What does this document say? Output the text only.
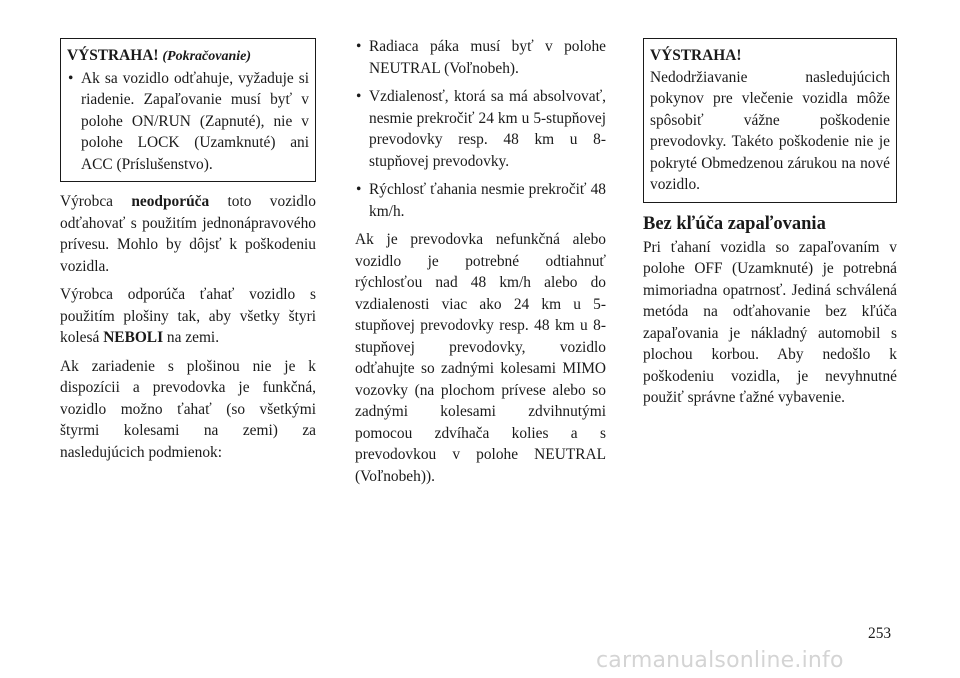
VÝSTRAHA! (Pokračovanie)
• Ak sa vozidlo odťahuje, vyžaduje si riadenie. Zapaľovanie musí byť v polohe ON/RUN (Zapnuté), nie v polohe LOCK (Uzamknuté) ani ACC (Príslušenstvo).

Výrobca neodporúča toto vozidlo odťahovať s použitím jednonápravového prívesu. Mohlo by dôjsť k poškodeniu vozidla.

Výrobca odporúča ťahať vozidlo s použitím plošiny tak, aby všetky štyri kolesá NEBOLI na zemi.

Ak zariadenie s plošinou nie je k dispozícii a prevodovka je funkčná, vozidlo možno ťahať (so všetkými štyrmi kolesami na zemi) za nasledujúcich podmienok:

• Radiaca páka musí byť v polohe NEUTRAL (Voľnobeh).
• Vzdialenosť, ktorá sa má absolvovať, nesmie prekročiť 24 km u 5-stupňovej prevodovky resp. 48 km u 8-stupňovej prevodovky.
• Rýchlosť ťahania nesmie prekročiť 48 km/h.

Ak je prevodovka nefunkčná alebo vozidlo je potrebné odtiahnuť rýchlosťou nad 48 km/h alebo do vzdialenosti viac ako 24 km u 5-stupňovej prevodovky resp. 48 km u 8-stupňovej prevodovky, vozidlo odťahujte so zadnými kolesami MIMO vozovky (na plochom prívese alebo so zadnými kolesami zdvihnutými pomocou zdvíhača kolies a s prevodovkou v polohe NEUTRAL (Voľnobeh)).

VÝSTRAHA!

Nedodržiavanie nasledujúcich pokynov pre vlečenie vozidla môže spôsobiť vážne poškodenie prevodovky. Takéto poškodenie nie je pokryté Obmedzenou zárukou na nové vozidlo.

Bez kľúča zapaľovania

Pri ťahaní vozidla so zapaľovaním v polohe OFF (Uzamknuté) je potrebná mimoriadna opatrnosť. Jediná schválená metóda na odťahovanie bez kľúča zapaľovania je nákladný automobil s plochou korbou. Aby nedošlo k poškodeniu vozidla, je nevyhnutné použiť správne ťažné vybavenie.

253
carmanualsonline.info
